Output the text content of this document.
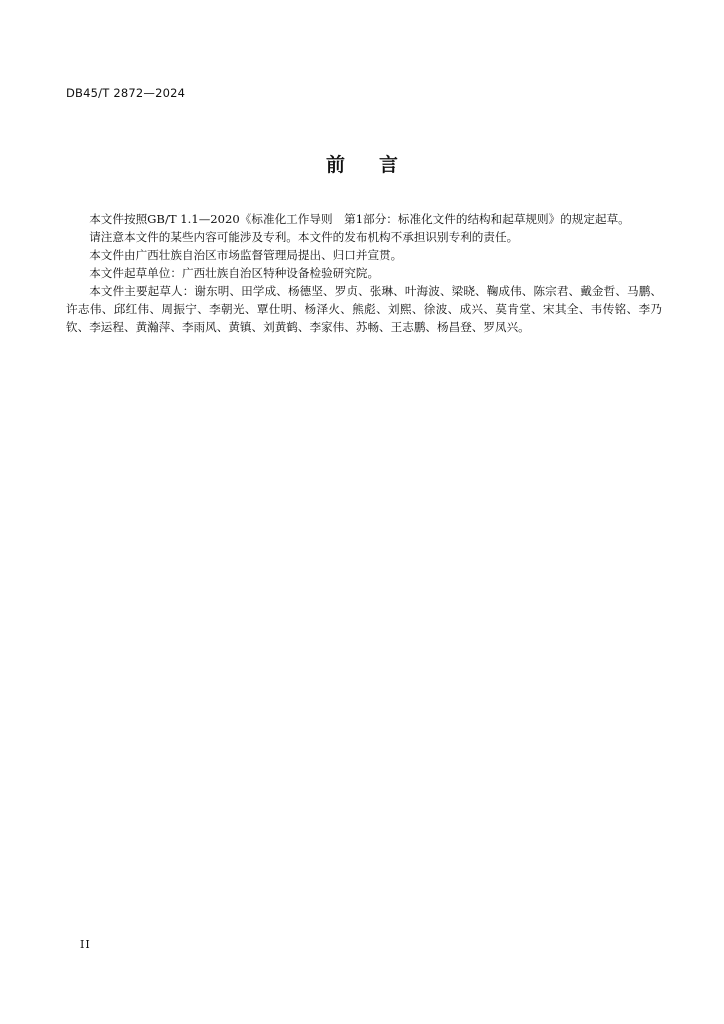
DB45/T 2872—2024
前言

本文件按照GB/T 1.1—2020《标准化工作导则　第1部分：标准化文件的结构和起草规则》的规定起草。

请注意本文件的某些内容可能涉及专利。本文件的发布机构不承担识别专利的责任。

本文件由广西壮族自治区市场监督管理局提出、归口并宣贯。

本文件起草单位：广西壮族自治区特种设备检验研究院。

本文件主要起草人：谢东明、田学成、杨德坚、罗贞、张琳、叶海波、梁晓、鞠成伟、陈宗君、戴金哲、马鹏、许志伟、邱红伟、周振宁、李朝光、覃仕明、杨泽火、熊彪、刘熙、徐波、成兴、莫肯堂、宋其全、韦传铭、李乃钦、李运程、黄瀚萍、李雨风、黄镇、刘黄鹤、李家伟、苏畅、王志鹏、杨昌登、罗凤兴。

II
